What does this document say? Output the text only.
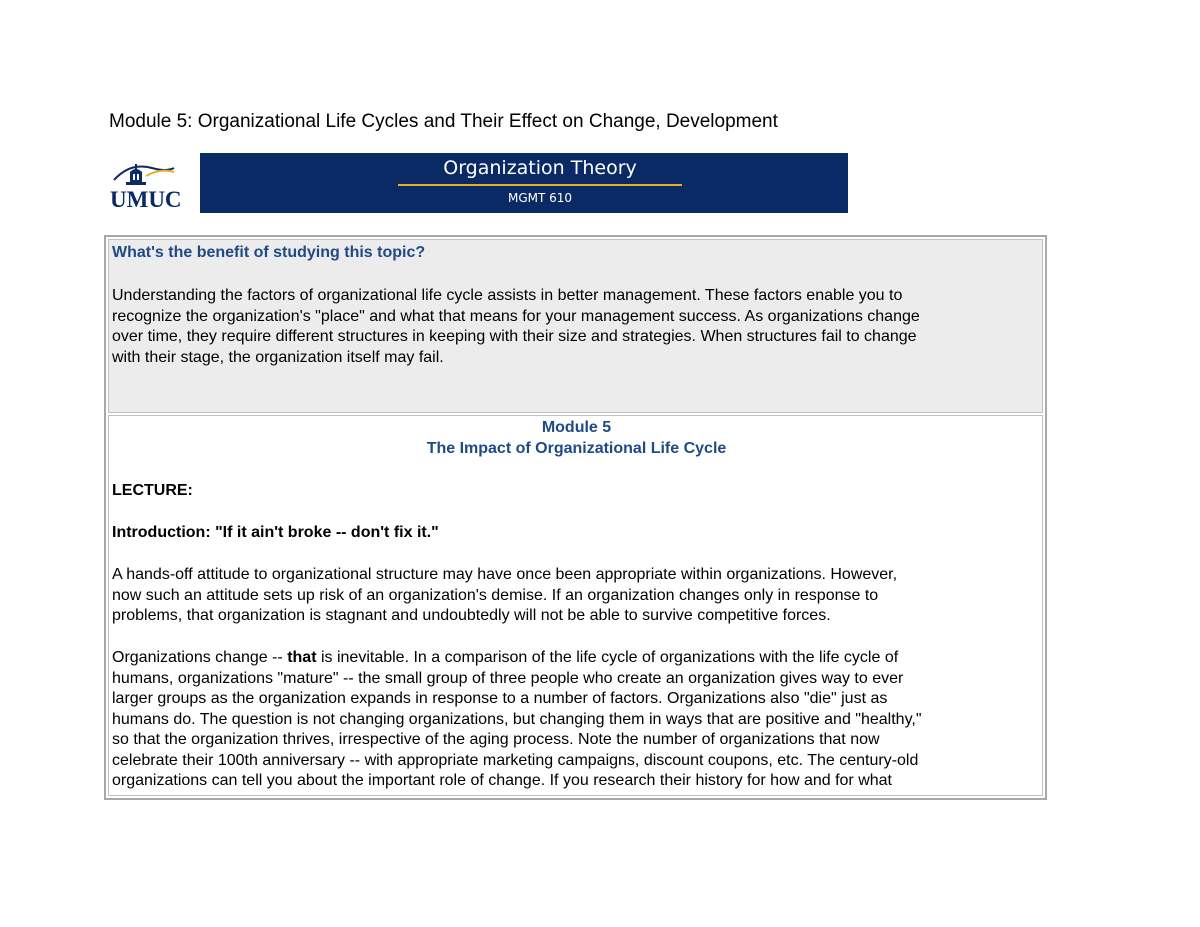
Module 5: Organizational Life Cycles and Their Effect on Change, Development
UMUC
Organization Theory
MGMT 610

What's the benefit of studying this topic?

Understanding the factors of organizational life cycle assists in better management. These factors enable you to

recognize the organization's "place" and what that means for your management success. As organizations change

over time, they require different structures in keeping with their size and strategies. When structures fail to change

with their stage, the organization itself may fail.

Module 5

The Impact of Organizational Life Cycle

LECTURE:

Introduction: "If it ain't broke -- don't fix it."

A hands-off attitude to organizational structure may have once been appropriate within organizations. However,

now such an attitude sets up risk of an organization's demise. If an organization changes only in response to

problems, that organization is stagnant and undoubtedly will not be able to survive competitive forces.

Organizations change -- that is inevitable. In a comparison of the life cycle of organizations with the life cycle of

humans, organizations "mature" -- the small group of three people who create an organization gives way to ever

larger groups as the organization expands in response to a number of factors. Organizations also "die" just as

humans do. The question is not changing organizations, but changing them in ways that are positive and "healthy,"

so that the organization thrives, irrespective of the aging process. Note the number of organizations that now

celebrate their 100th anniversary -- with appropriate marketing campaigns, discount coupons, etc. The century-old

organizations can tell you about the important role of change. If you research their history for how and for what
